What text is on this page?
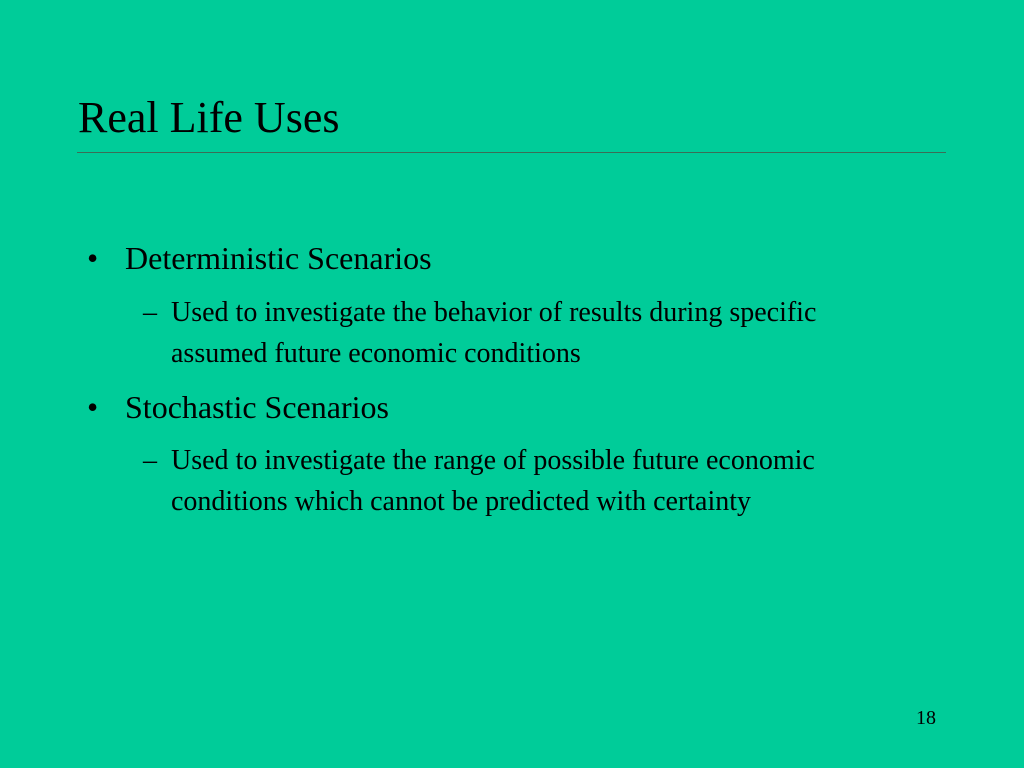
Real Life Uses
• Deterministic Scenarios
– Used to investigate the behavior of results during specific assumed future economic conditions
• Stochastic Scenarios
– Used to investigate the range of possible future economic conditions which cannot be predicted with certainty
18
